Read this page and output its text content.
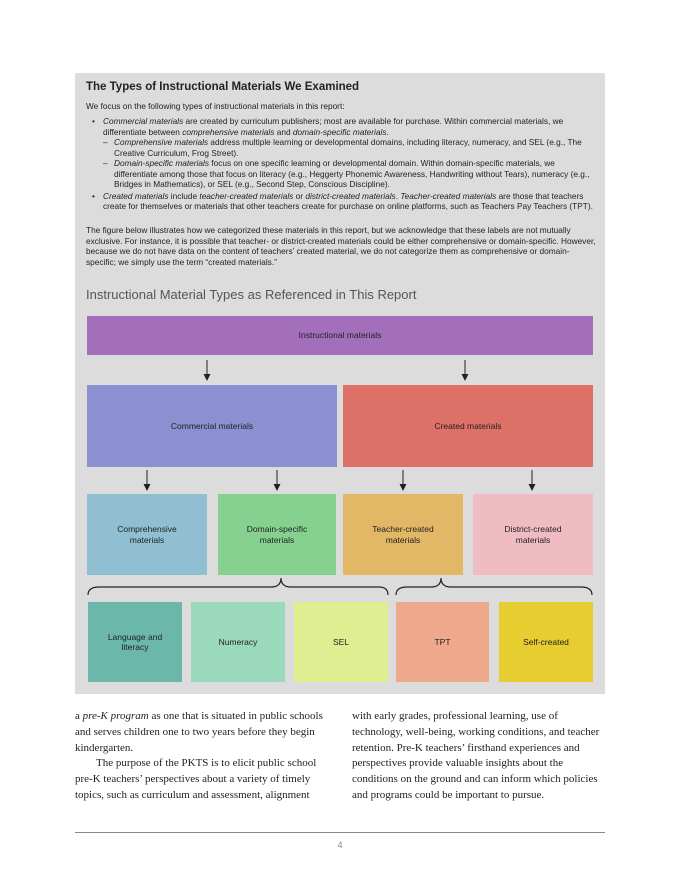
The Types of Instructional Materials We Examined
We focus on the following types of instructional materials in this report:
• Commercial materials are created by curriculum publishers; most are available for purchase. Within commercial materials, we differentiate between comprehensive materials and domain-specific materials.
– Comprehensive materials address multiple learning or developmental domains, including literacy, numeracy, and SEL (e.g., The Creative Curriculum, Frog Street).
– Domain-specific materials focus on one specific learning or developmental domain. Within domain-specific materials, we differentiate among those that focus on literacy (e.g., Heggerty Phonemic Awareness, Handwriting without Tears), numeracy (e.g., Bridges in Mathematics), or SEL (e.g., Second Step, Conscious Discipline).
• Created materials include teacher-created materials or district-created materials. Teacher-created materials are those that teachers create for themselves or materials that other teachers create for purchase on online platforms, such as Teachers Pay Teachers (TPT).
The figure below illustrates how we categorized these materials in this report, but we acknowledge that these labels are not mutually exclusive. For instance, it is possible that teacher- or district-created materials could be either comprehensive or domain-specific. However, because we do not have data on the content of teachers’ created material, we do not categorize them as comprehensive or domain-specific; we simply use the term “created materials.”
Instructional Material Types as Referenced in This Report
Instructional materials
Commercial materials	Created materials
Comprehensive materials
Domain-specific materials
Teacher-created materials
District-created materials
Language and literacy
Numeracy	SEL	TPT	Self-created

a pre-K program as one that is situated in public schools and serves children one to two years before they begin kindergarten.

The purpose of the PKTS is to elicit public school pre-K teachers’ perspectives about a variety of timely topics, such as curriculum and assessment, alignment

with early grades, professional learning, use of technology, well-being, working conditions, and teacher retention. Pre-K teachers’ firsthand experiences and perspectives provide valuable insights about the conditions on the ground and can inform which policies and programs could be important to pursue.

4
